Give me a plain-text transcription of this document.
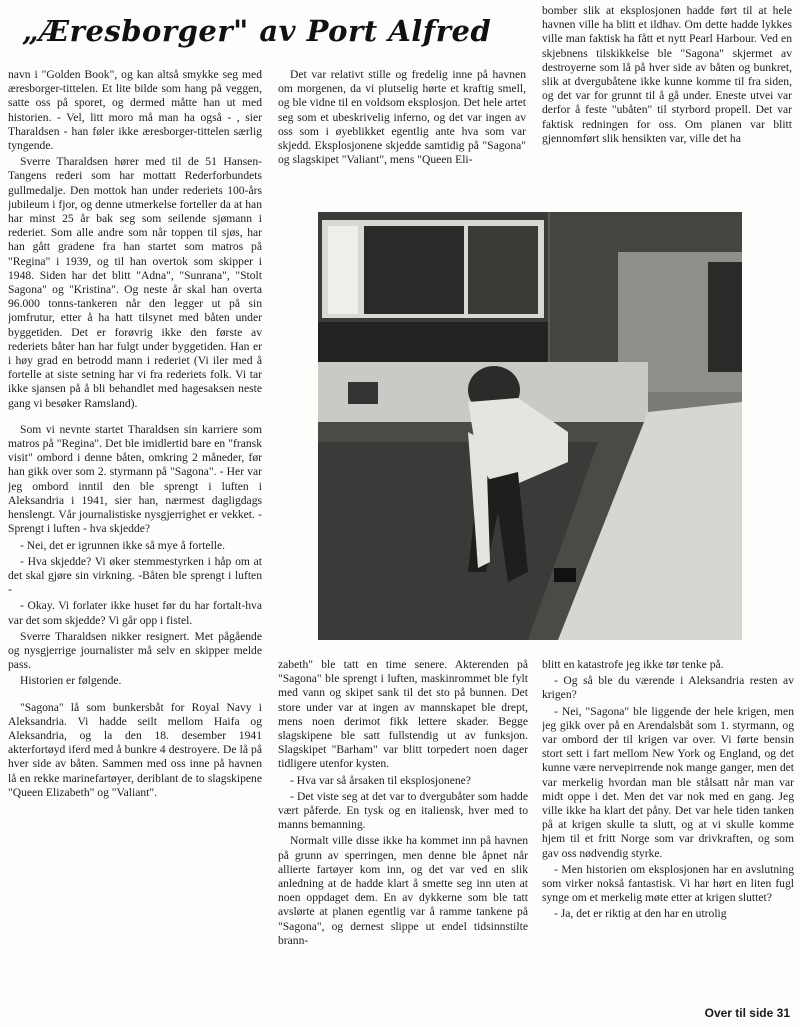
„Æresborger" av Port Alfred

navn i "Golden Book", og kan altså smykke seg med æresborger-tittelen. Et lite bilde som hang på veggen, satte oss på sporet, og dermed måtte han ut med historien. - Vel, litt moro må man ha også - , sier Tharaldsen - han føler ikke æresborger-tittelen særlig tyngende.

Sverre Tharaldsen hører med til de 51 Hansen-Tangens rederi som har mottatt Rederforbundets gullmedalje. Den mottok han under rederiets 100-års jubileum i fjor, og denne utmerkelse forteller da at han har minst 25 år bak seg som seilende sjømann i rederiet. Som alle andre som når toppen til sjøs, har han gått gradene fra han startet som matros på "Regina" i 1939, og til han overtok som skipper i 1948. Siden har det blitt "Adna", "Sunrana", "Stolt Sagona" og "Kristina". Og neste år skal han overta 96.000 tonns-tankeren når den legger ut på sin jomfrutur, etter å ha hatt tilsynet med båten under byggetiden. Det er forøvrig ikke den første av rederiets båter han har fulgt under byggetiden. Han er i høy grad en betrodd mann i rederiet (Vi iler med å fortelle at siste setning har vi fra rederiets folk. Vi tar ikke sjansen på å bli behandlet med hagesaksen neste gang vi besøker Ramsland).

Som vi nevnte startet Tharaldsen sin karriere som matros på "Regina". Det ble imidlertid bare en "fransk visit" ombord i denne båten, omkring 2 måneder, før han gikk over som 2. styrmann på "Sagona". - Her var jeg ombord inntil den ble sprengt i luften i Aleksandria i 1941, sier han, nærmest dagligdags henslengt. Vår journalistiske nysgjerrighet er vekket. - Sprengt i luften - hva skjedde?

- Nei, det er igrunnen ikke så mye å fortelle.

- Hva skjedde? Vi øker stemmestyrken i håp om at det skal gjøre sin virkning. -Båten ble sprengt i luften -

- Okay. Vi forlater ikke huset før du har fortalt-hva var det som skjedde? Vi går opp i fistel.

Sverre Tharaldsen nikker resignert. Met pågående og nysgjerrige journalister må selv en skipper melde pass.

Historien er følgende.

"Sagona" lå som bunkersbåt for Royal Navy i Aleksandria. Vi hadde seilt mellom Haifa og Aleksandria, og la den 18. desember 1941 akterfortøyd iferd med å bunkre 4 destroyere. De lå på hver side av båten. Sammen med oss inne på havnen lå en rekke marinefartøyer, deriblant de to slagskipene "Queen Elizabeth" og "Valiant".

Det var relativt stille og fredelig inne på havnen om morgenen, da vi plutselig hørte et kraftig smell, og ble vidne til en voldsom eksplosjon. Det hele artet seg som et ubeskrivelig inferno, og det var ingen av oss som i øyeblikket egentlig ante hva som var skjedd. Eksplosjonene skjedde samtidig på "Sagona" og slagskipet "Valiant", mens "Queen Eli-

bomber slik at eksplosjonen hadde ført til at hele havnen ville ha blitt et ildhav. Om dette hadde lykkes ville man faktisk ha fått et nytt Pearl Harbour. Ved en skjebnens tilskikkelse ble "Sagona" skjermet av destroyerne som lå på hver side av båten og bunkret, slik at dvergubåtene ikke kunne komme til fra siden, og det var for grunnt til å gå under. Eneste utvei var derfor å feste "ubåten" til styrbord propell. Det var faktisk redningen for oss. Om planen var blitt gjennomført slik hensikten var, ville det ha

zabeth" ble tatt en time senere. Akterenden på "Sagona" ble sprengt i luften, maskinrommet ble fylt med vann og skipet sank til det sto på bunnen. Det store under var at ingen av mannskapet ble drept, mens noen derimot fikk lettere skader. Begge slagskipene ble satt fullstendig ut av funksjon. Slagskipet "Barham" var blitt torpedert noen dager tidligere utenfor kysten.

- Hva var så årsaken til eksplosjonene?

- Det viste seg at det var to dvergubåter som hadde vært påferde. En tysk og en italiensk, hver med to manns bemanning.

Normalt ville disse ikke ha kommet inn på havnen på grunn av sperringen, men denne ble åpnet når allierte fartøyer kom inn, og det var ved en slik anledning at de hadde klart å smette seg inn uten at noen oppdaget dem. En av dykkerne som ble tatt avslørte at planen egentlig var å ramme tankene på "Sagona", og dernest slippe ut endel tidsinnstilte brann-

blitt en katastrofe jeg ikke tør tenke på.

- Og så ble du værende i Aleksandria resten av krigen?

- Nei, "Sagona" ble liggende der hele krigen, men jeg gikk over på en Arendalsbåt som 1. styrmann, og var ombord der til krigen var over. Vi førte bensin stort sett i fart mellom New York og England, og det kunne være nervepirrende nok mange ganger, men det var merkelig hvordan man ble stålsatt når man var midt oppe i det. Men det var nok med en gang. Jeg ville ikke ha klart det påny. Det var hele tiden tanken på at krigen skulle ta slutt, og at vi skulle komme hjem til et fritt Norge som var drivkraften, og som gav oss nødvendig styrke.

- Men historien om eksplosjonen har en avslutning som virker nokså fantastisk. Vi har hørt en liten fugl synge om et merkelig møte etter at krigen sluttet?

- Ja, det er riktig at den har en utrolig

Over til side 31
